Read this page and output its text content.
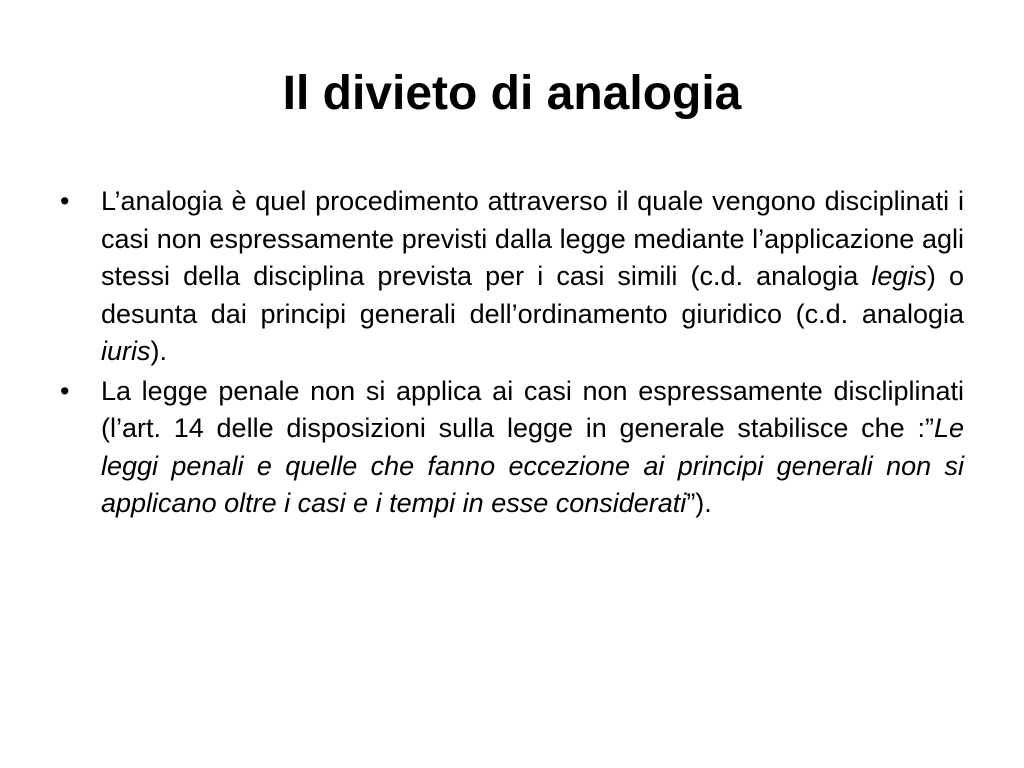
Il divieto di analogia
•	L’analogia è quel procedimento attraverso il quale vengono disciplinati i casi non espressamente previsti dalla legge mediante l’applicazione agli stessi della disciplina prevista per i casi simili (c.d. analogia legis) o desunta dai principi generali dell’ordinamento giuridico (c.d. analogia iuris).
•	La legge penale non si applica ai casi non espressamente discliplinati (l’art. 14 delle disposizioni sulla legge in generale stabilisce che :”Le leggi penali e quelle che fanno eccezione ai principi generali non si applicano oltre i casi e i tempi in esse considerati”).
